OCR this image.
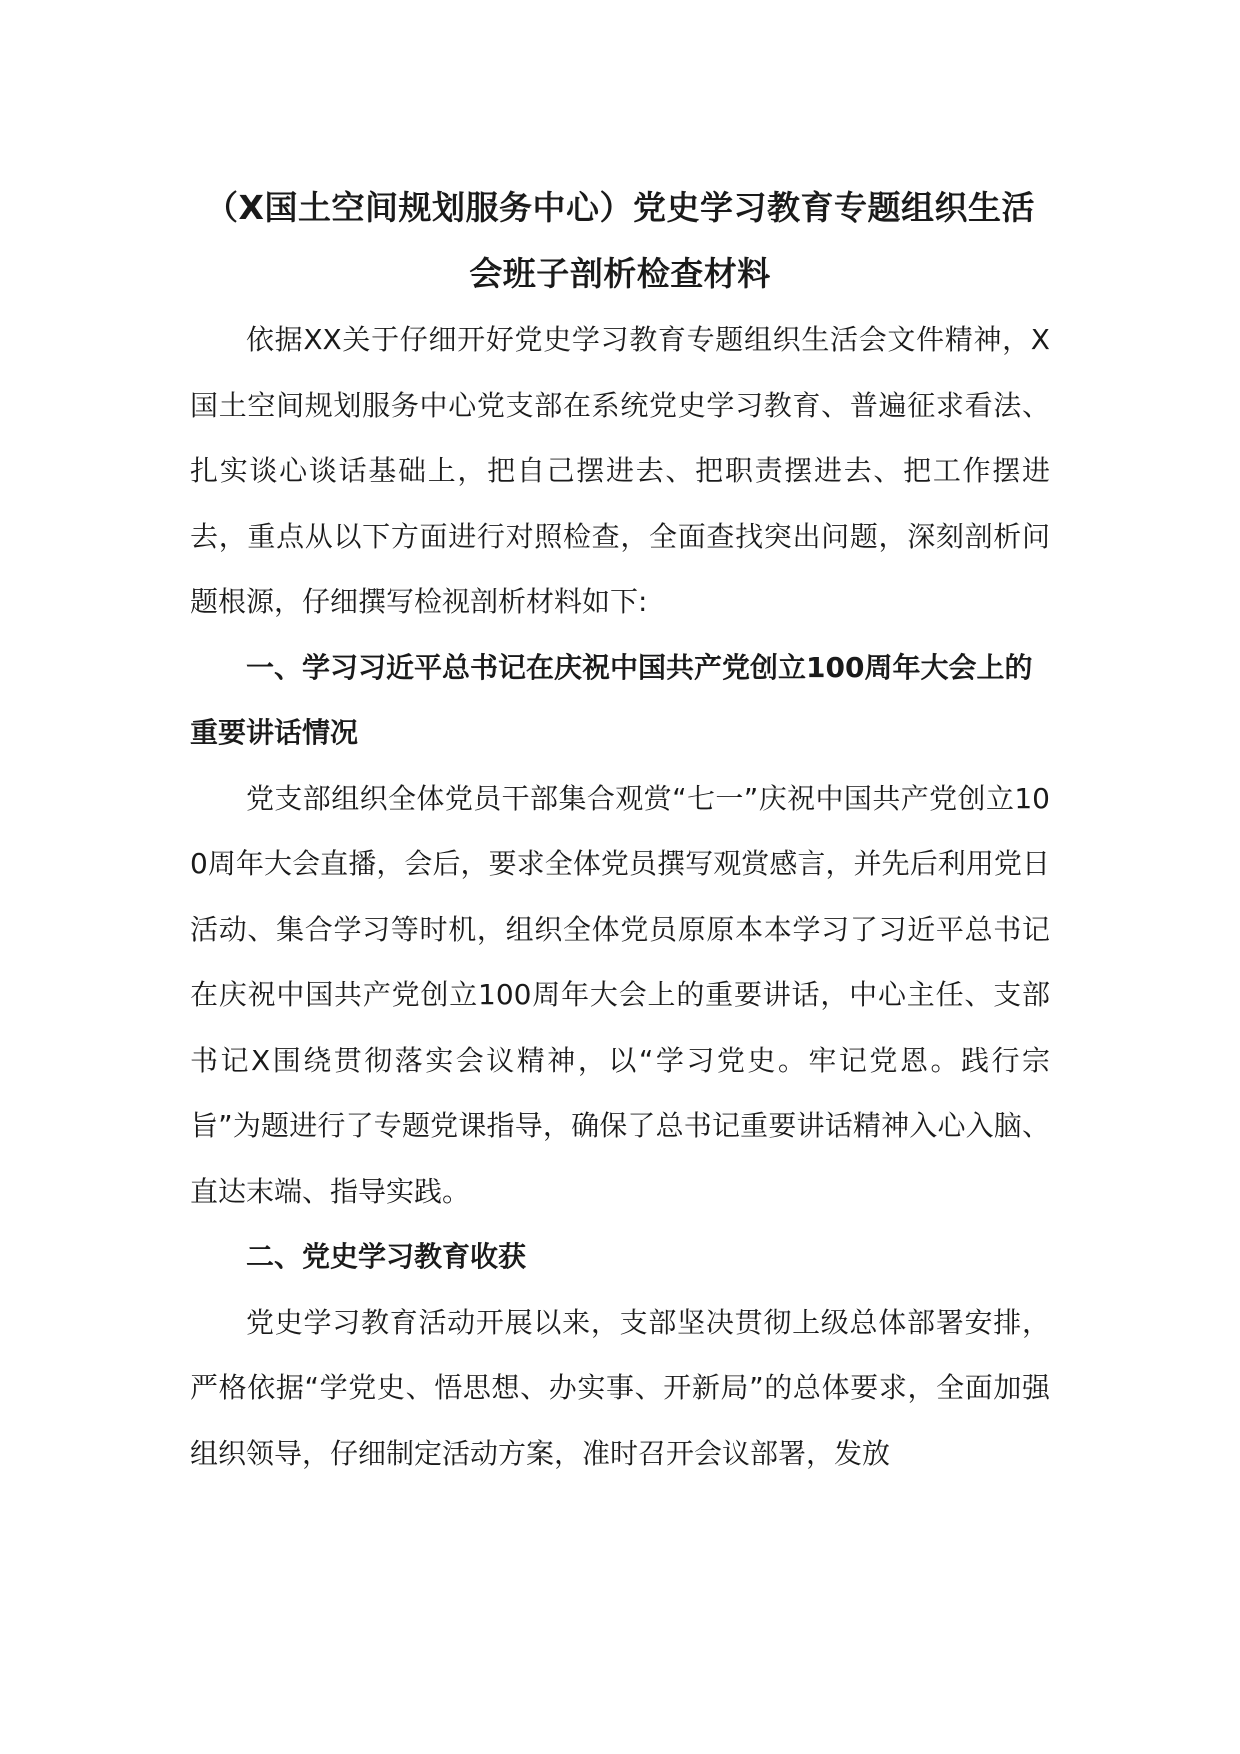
（X国土空间规划服务中心）党史学习教育专题组织生活会班子剖析检查材料

依据XX关于仔细开好党史学习教育专题组织生活会文件精神，X国土空间规划服务中心党支部在系统党史学习教育、普遍征求看法、扎实谈心谈话基础上，把自己摆进去、把职责摆进去、把工作摆进去，重点从以下方面进行对照检查，全面查找突出问题，深刻剖析问题根源，仔细撰写检视剖析材料如下:

一、学习习近平总书记在庆祝中国共产党创立100周年大会上的重要讲话情况

党支部组织全体党员干部集合观赏“七一”庆祝中国共产党创立100周年大会直播，会后，要求全体党员撰写观赏感言，并先后利用党日活动、集合学习等时机，组织全体党员原原本本学习了习近平总书记在庆祝中国共产党创立100周年大会上的重要讲话，中心主任、支部书记X围绕贯彻落实会议精神，以“学习党史。牢记党恩。践行宗旨”为题进行了专题党课指导，确保了总书记重要讲话精神入心入脑、直达末端、指导实践。

二、党史学习教育收获

党史学习教育活动开展以来，支部坚决贯彻上级总体部署安排，严格依据“学党史、悟思想、办实事、开新局”的总体要求，全面加强组织领导，仔细制定活动方案，准时召开会议部署，发放
